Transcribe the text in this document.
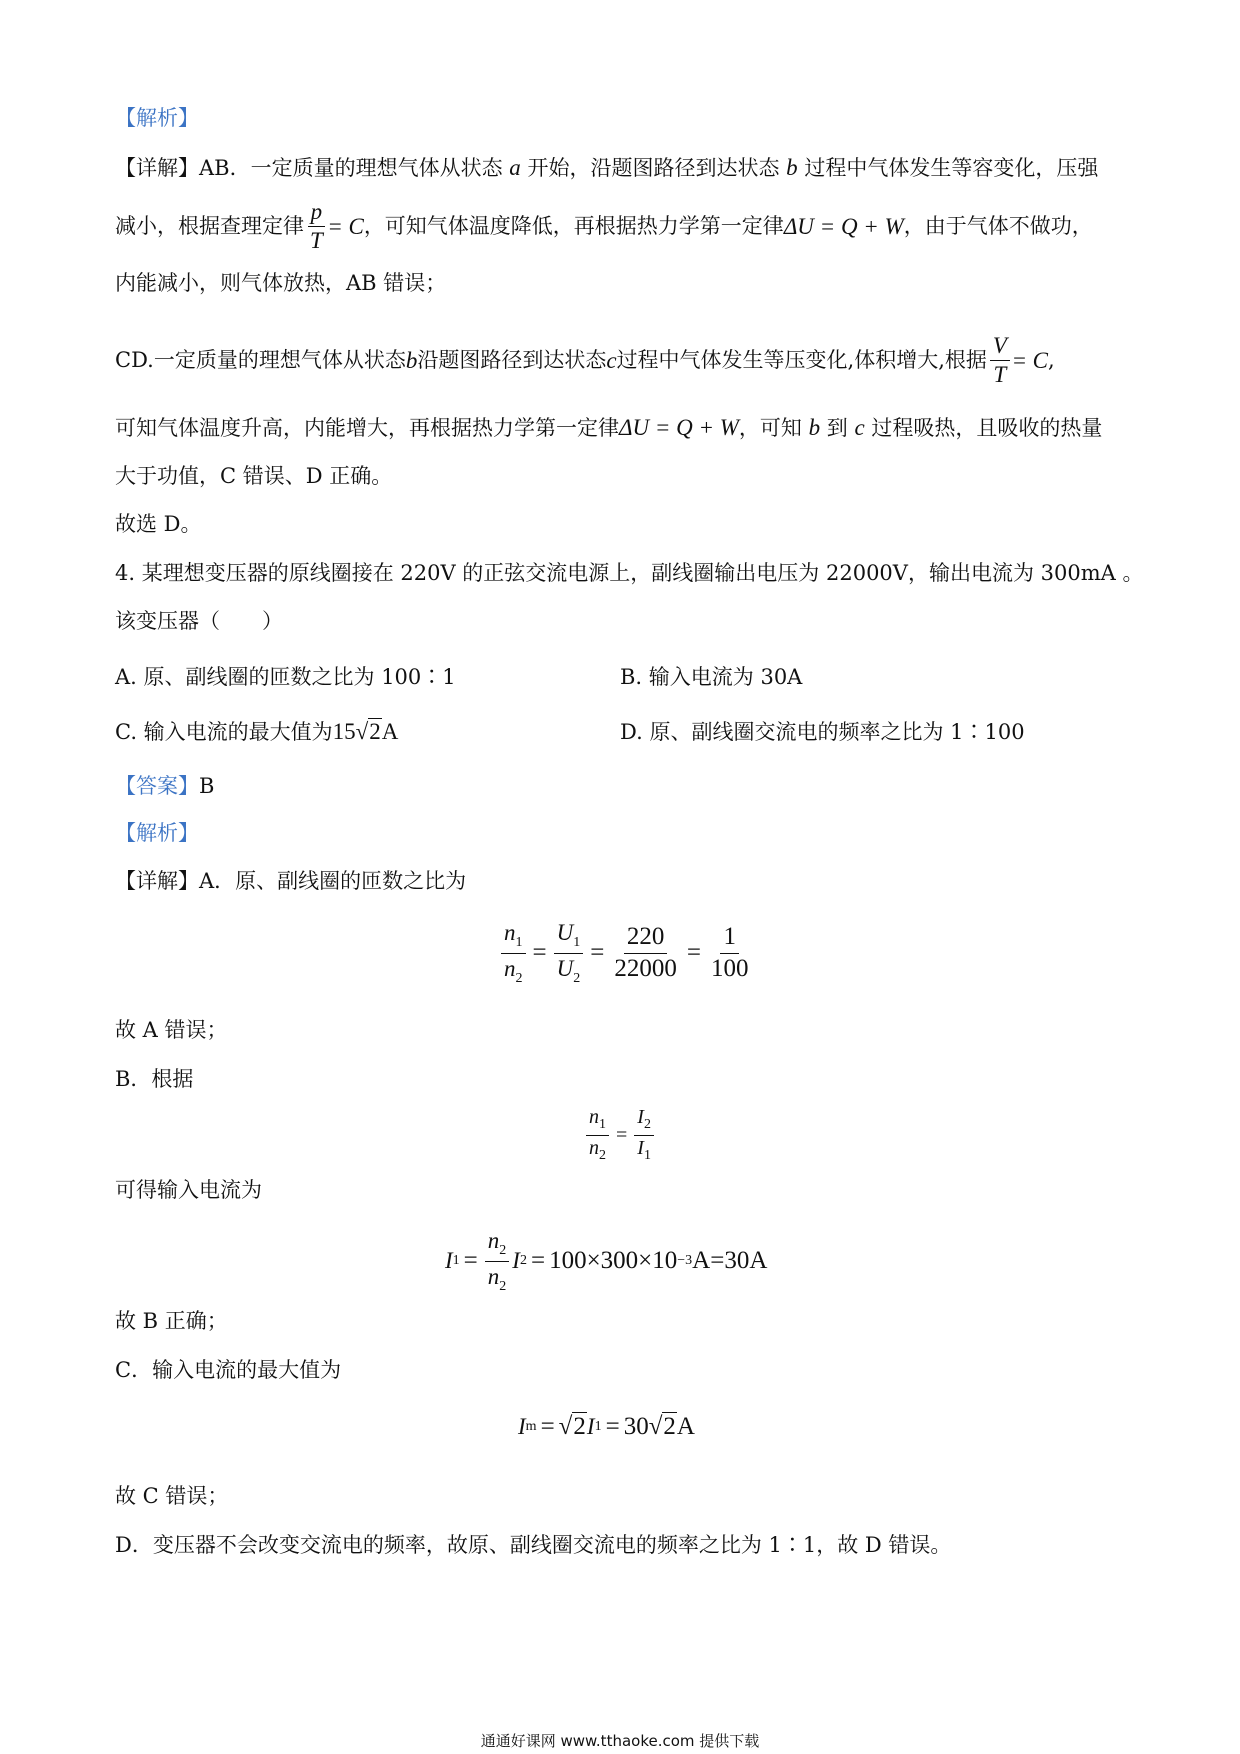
【解析】
【详解】AB．一定质量的理想气体从状态 a 开始，沿题图路径到达状态 b 过程中气体发生等容变化，压强
减小，根据查理定律 $\frac{p}{T}$ =
C ，可知气体温度降低，再根据热力学第一定律 ΔU = Q + W ，由于气体不做功，
内能减小，则气体放热，AB 错误；
CD.一定质量的理想气体从状态 b 沿题图路径到达状态 c 过程中气体发生等压变化,体积增大,根据 $\frac{V}{T}$ =
C ,
可知气体温度升高，内能增大，再根据热力学第一定律ΔU = Q + W，可知 b 到 c 过程吸热，且吸收的热量
大于功值，C 错误、D 正确。
故选 D。
4. 某理想变压器的原线圈接在 220V 的正弦交流电源上，副线圈输出电压为 22000V，输出电流为 300mA 。
该变压器（　　）
A. 原、副线圈的匝数之比为 100∶1	B. 输入电流为 30A
C. 输入电流的最大值为15√2A	D. 原、副线圈交流电的频率之比为 1∶100
【答案】B
【解析】
【详解】A．原、副线圈的匝数之比为
$\frac{n_1}{n_2} = \frac{U_1}{U_2} = \frac{220}{22000} = \frac{1}{100}$
故 A 错误；
B．根据
$\frac{n_1}{n_2} = \frac{I_2}{I_1}$
可得输入电流为
I $1 = \frac{n_2}{n_2}$ I 2 = 100×300×10 −3 A=30A
故 B 正确；
C．输入电流的最大值为
I m = √ 2 I 1 = 30 √ 2 A
故 C 错误；
D．变压器不会改变交流电的频率，故原、副线圈交流电的频率之比为 1∶1，故 D 错误。
通通好课网 www.tthaoke.com 提供下载
